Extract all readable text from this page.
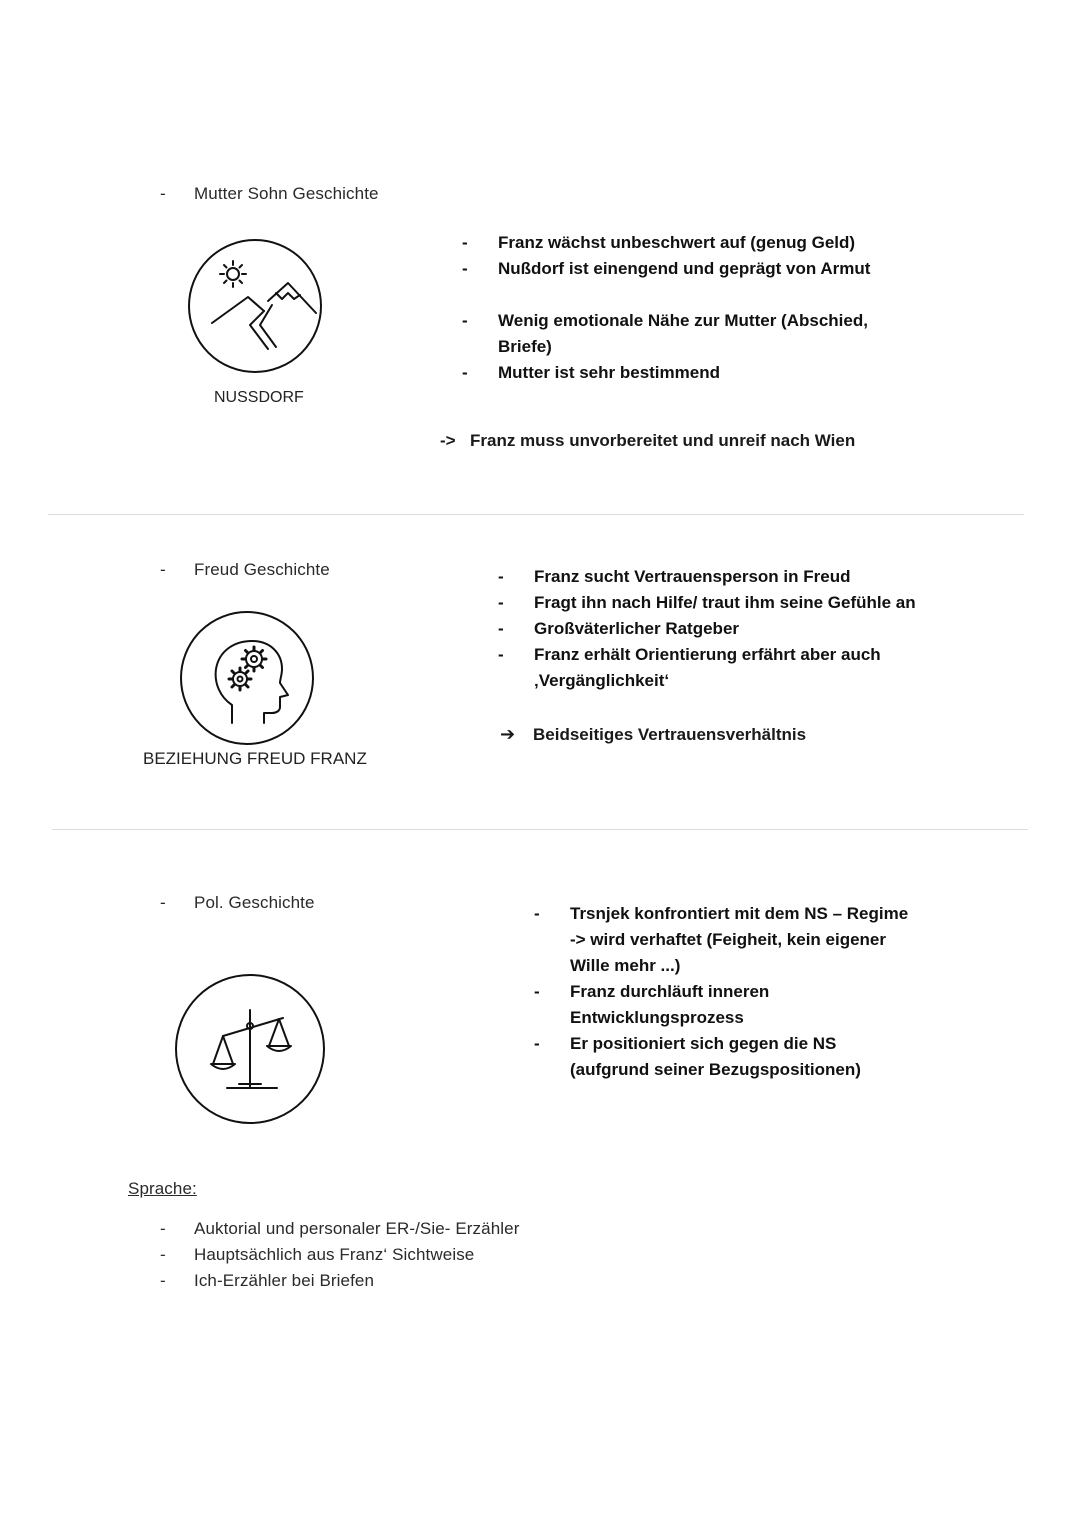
- Mutter Sohn Geschichte
NUSSDORF
- Franz wächst unbeschwert auf (genug Geld)
- Nußdorf ist einengend und geprägt von Armut
- Wenig emotionale Nähe zur Mutter (Abschied, Briefe)
- Mutter ist sehr bestimmend
-> Franz muss unvorbereitet und unreif nach Wien
- Freud Geschichte
BEZIEHUNG FREUD FRANZ
- Franz sucht Vertrauensperson in Freud
- Fragt ihn nach Hilfe/ traut ihm seine Gefühle an
- Großväterlicher Ratgeber
- Franz erhält Orientierung erfährt aber auch ‚Vergänglichkeit‘
➔ Beidseitiges Vertrauensverhältnis
- Pol. Geschichte
- Trsnjek konfrontiert mit dem NS – Regime -> wird verhaftet (Feigheit, kein eigener Wille mehr ...)
- Franz durchläuft inneren Entwicklungsprozess
- Er positioniert sich gegen die NS (aufgrund seiner Bezugspositionen)
Sprache:
- Auktorial und personaler ER-/Sie- Erzähler
- Hauptsächlich aus Franz‘ Sichtweise
- Ich-Erzähler bei Briefen
